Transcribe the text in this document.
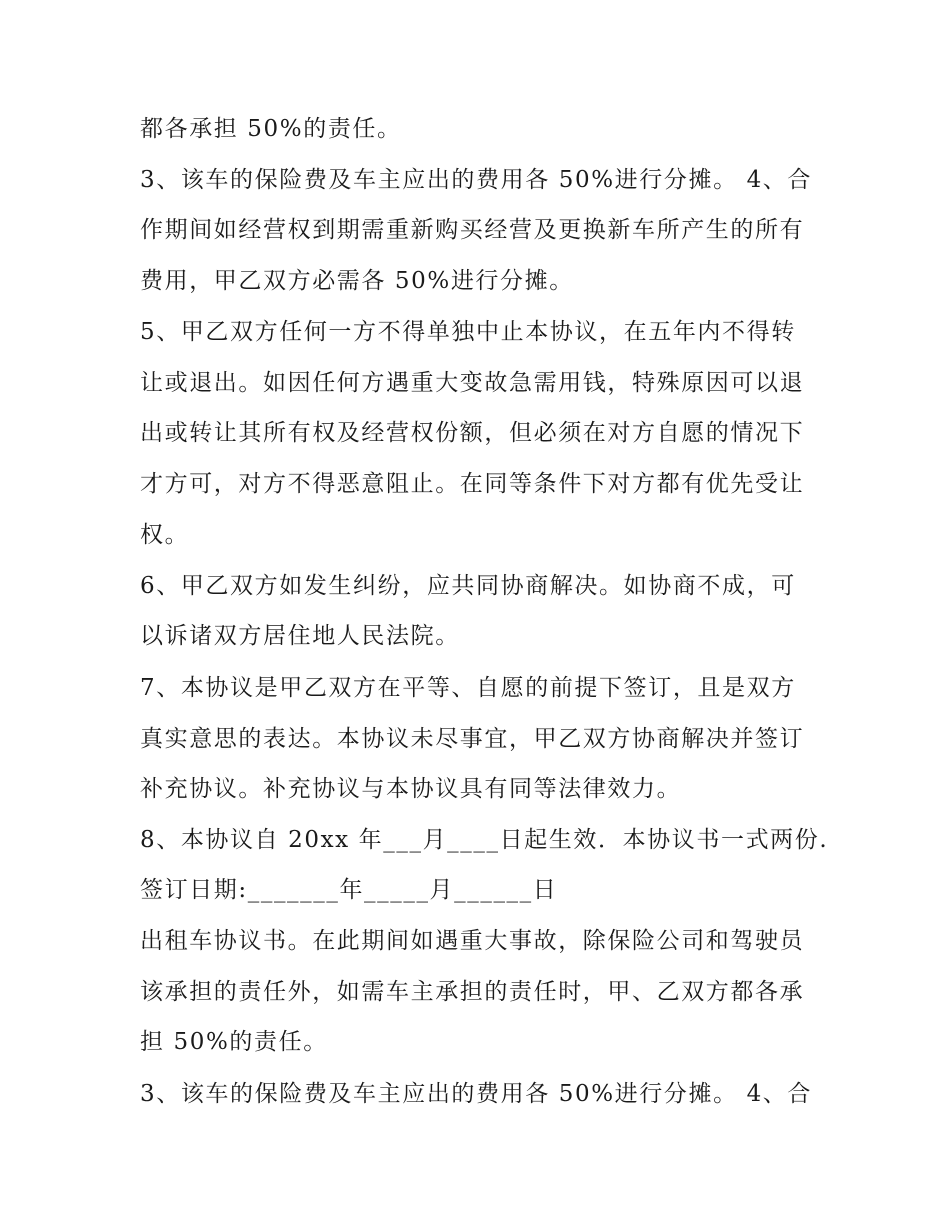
都各承担 50%的责任。
3、该车的保险费及车主应出的费用各 50%进行分摊。 4、合
作期间如经营权到期需重新购买经营及更换新车所产生的所有
费用，甲乙双方必需各 50%进行分摊。
5、甲乙双方任何一方不得单独中止本协议，在五年内不得转
让或退出。如因任何方遇重大变故急需用钱，特殊原因可以退
出或转让其所有权及经营权份额，但必须在对方自愿的情况下
才方可，对方不得恶意阻止。在同等条件下对方都有优先受让
权。
6、甲乙双方如发生纠纷，应共同协商解决。如协商不成，可
以诉诸双方居住地人民法院。
7、本协议是甲乙双方在平等、自愿的前提下签订，且是双方
真实意思的表达。本协议未尽事宜，甲乙双方协商解决并签订
补充协议。补充协议与本协议具有同等法律效力。
8、本协议自 20xx 年___月____日起生效．本协议书一式两份.
签订日期:_______年_____月______日
出租车协议书。在此期间如遇重大事故，除保险公司和驾驶员
该承担的责任外，如需车主承担的责任时，甲、乙双方都各承
担 50%的责任。
3、该车的保险费及车主应出的费用各 50%进行分摊。 4、合
